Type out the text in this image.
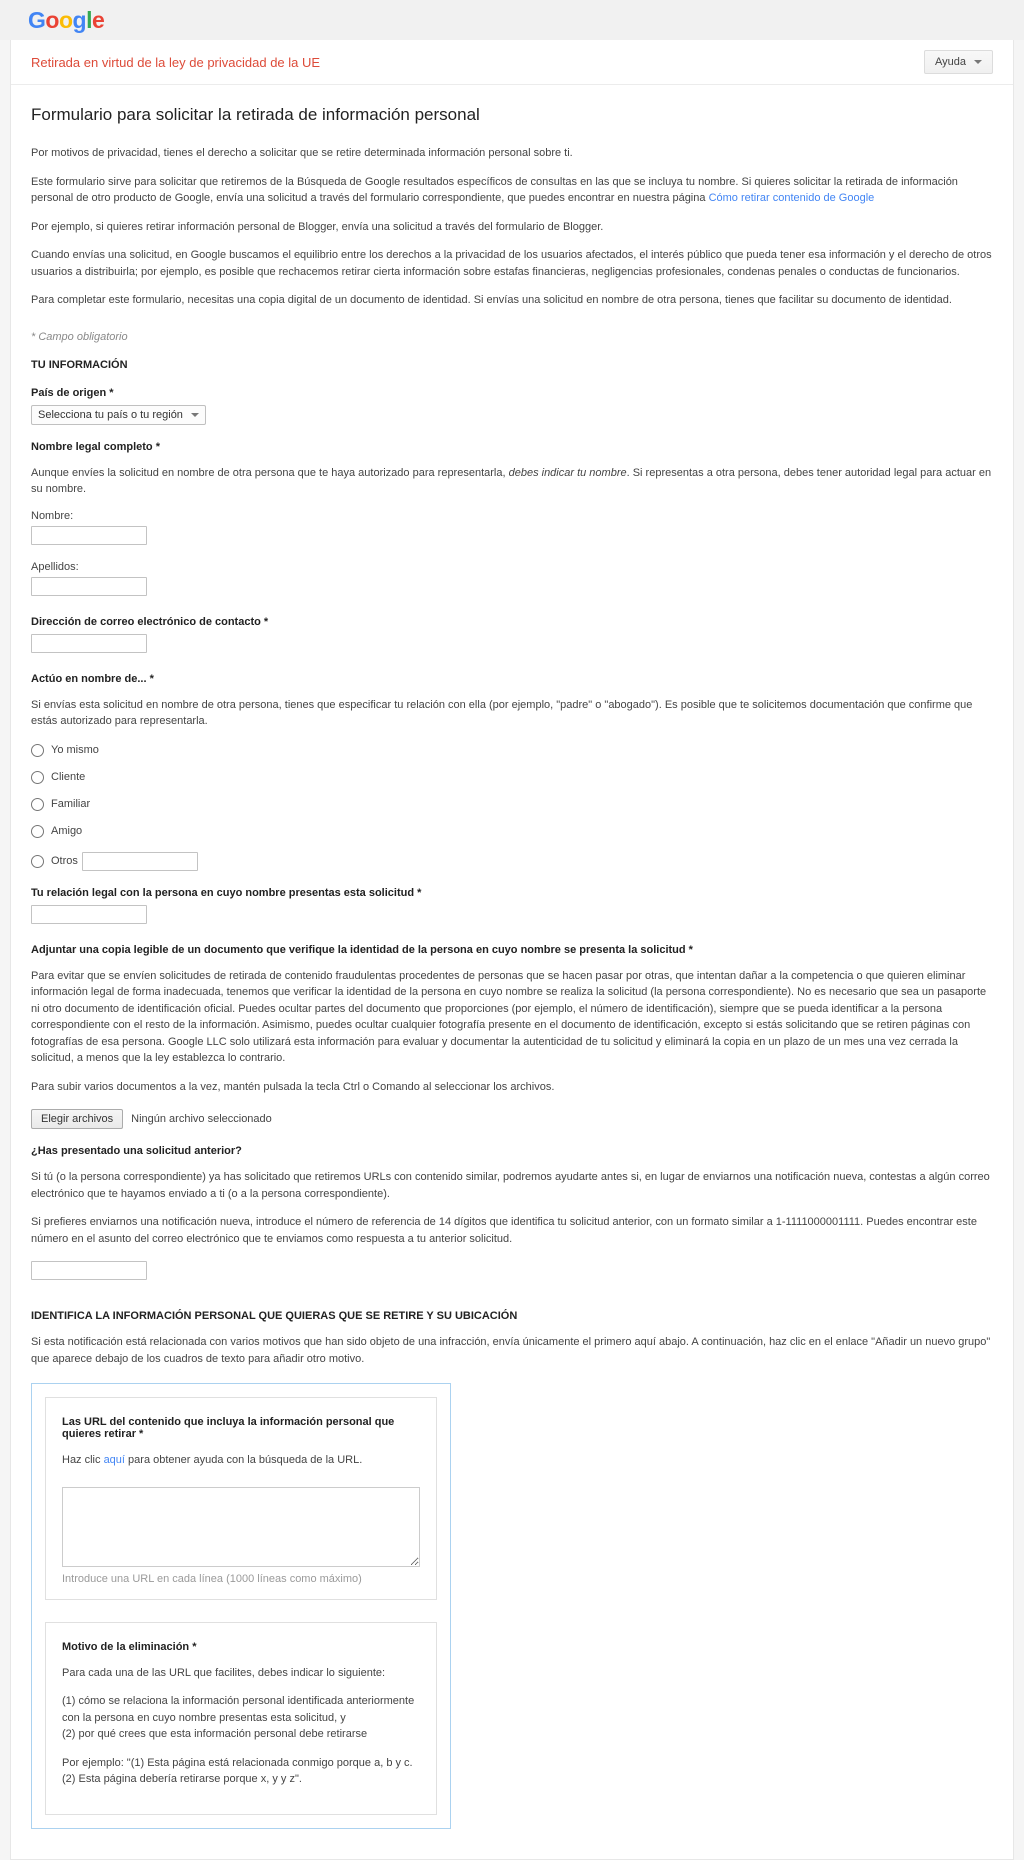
Google
Retirada en virtud de la ley de privacidad de la UE	Ayuda
Formulario para solicitar la retirada de información personal

Por motivos de privacidad, tienes el derecho a solicitar que se retire determinada información personal sobre ti.

Este formulario sirve para solicitar que retiremos de la Búsqueda de Google resultados específicos de consultas en las que se incluya tu nombre. Si quieres solicitar la retirada de información personal de otro producto de Google, envía una solicitud a través del formulario correspondiente, que puedes encontrar en nuestra página Cómo retirar contenido de Google

Por ejemplo, si quieres retirar información personal de Blogger, envía una solicitud a través del formulario de Blogger.

Cuando envías una solicitud, en Google buscamos el equilibrio entre los derechos a la privacidad de los usuarios afectados, el interés público que pueda tener esa información y el derecho de otros usuarios a distribuirla; por ejemplo, es posible que rechacemos retirar cierta información sobre estafas financieras, negligencias profesionales, condenas penales o conductas de funcionarios.

Para completar este formulario, necesitas una copia digital de un documento de identidad. Si envías una solicitud en nombre de otra persona, tienes que facilitar su documento de identidad.

* Campo obligatorio
TU INFORMACIÓN
País de origen *
Selecciona tu país o tu región
Nombre legal completo *

Aunque envíes la solicitud en nombre de otra persona que te haya autorizado para representarla, debes indicar tu nombre. Si representas a otra persona, debes tener autoridad legal para actuar en su nombre.

Nombre:
Apellidos:
Dirección de correo electrónico de contacto *
Actúo en nombre de... *

Si envías esta solicitud en nombre de otra persona, tienes que especificar tu relación con ella (por ejemplo, "padre" o "abogado"). Es posible que te solicitemos documentación que confirme que estás autorizado para representarla.

Yo mismo
Cliente
Familiar
Amigo
Otros
Tu relación legal con la persona en cuyo nombre presentas esta solicitud *
Adjuntar una copia legible de un documento que verifique la identidad de la persona en cuyo nombre se presenta la solicitud *

Para evitar que se envíen solicitudes de retirada de contenido fraudulentas procedentes de personas que se hacen pasar por otras, que intentan dañar a la competencia o que quieren eliminar información legal de forma inadecuada, tenemos que verificar la identidad de la persona en cuyo nombre se realiza la solicitud (la persona correspondiente). No es necesario que sea un pasaporte ni otro documento de identificación oficial. Puedes ocultar partes del documento que proporciones (por ejemplo, el número de identificación), siempre que se pueda identificar a la persona correspondiente con el resto de la información. Asimismo, puedes ocultar cualquier fotografía presente en el documento de identificación, excepto si estás solicitando que se retiren páginas con fotografías de esa persona. Google LLC solo utilizará esta información para evaluar y documentar la autenticidad de tu solicitud y eliminará la copia en un plazo de un mes una vez cerrada la solicitud, a menos que la ley establezca lo contrario.

Para subir varios documentos a la vez, mantén pulsada la tecla Ctrl o Comando al seleccionar los archivos.

Elegir archivos	Ningún archivo seleccionado
¿Has presentado una solicitud anterior?

Si tú (o la persona correspondiente) ya has solicitado que retiremos URLs con contenido similar, podremos ayudarte antes si, en lugar de enviarnos una notificación nueva, contestas a algún correo electrónico que te hayamos enviado a ti (o a la persona correspondiente).

Si prefieres enviarnos una notificación nueva, introduce el número de referencia de 14 dígitos que identifica tu solicitud anterior, con un formato similar a 1-1111000001111. Puedes encontrar este número en el asunto del correo electrónico que te enviamos como respuesta a tu anterior solicitud.

IDENTIFICA LA INFORMACIÓN PERSONAL QUE QUIERAS QUE SE RETIRE Y SU UBICACIÓN

Si esta notificación está relacionada con varios motivos que han sido objeto de una infracción, envía únicamente el primero aquí abajo. A continuación, haz clic en el enlace "Añadir un nuevo grupo" que aparece debajo de los cuadros de texto para añadir otro motivo.

Las URL del contenido que incluya la información personal que quieres retirar *

Haz clic aquí para obtener ayuda con la búsqueda de la URL.

Introduce una URL en cada línea (1000 líneas como máximo)
Motivo de la eliminación *

Para cada una de las URL que facilites, debes indicar lo siguiente:

(1) cómo se relaciona la información personal identificada anteriormente con la persona en cuyo nombre presentas esta solicitud, y
(2) por qué crees que esta información personal debe retirarse

Por ejemplo: "(1) Esta página está relacionada conmigo porque a, b y c. (2) Esta página debería retirarse porque x, y y z".
